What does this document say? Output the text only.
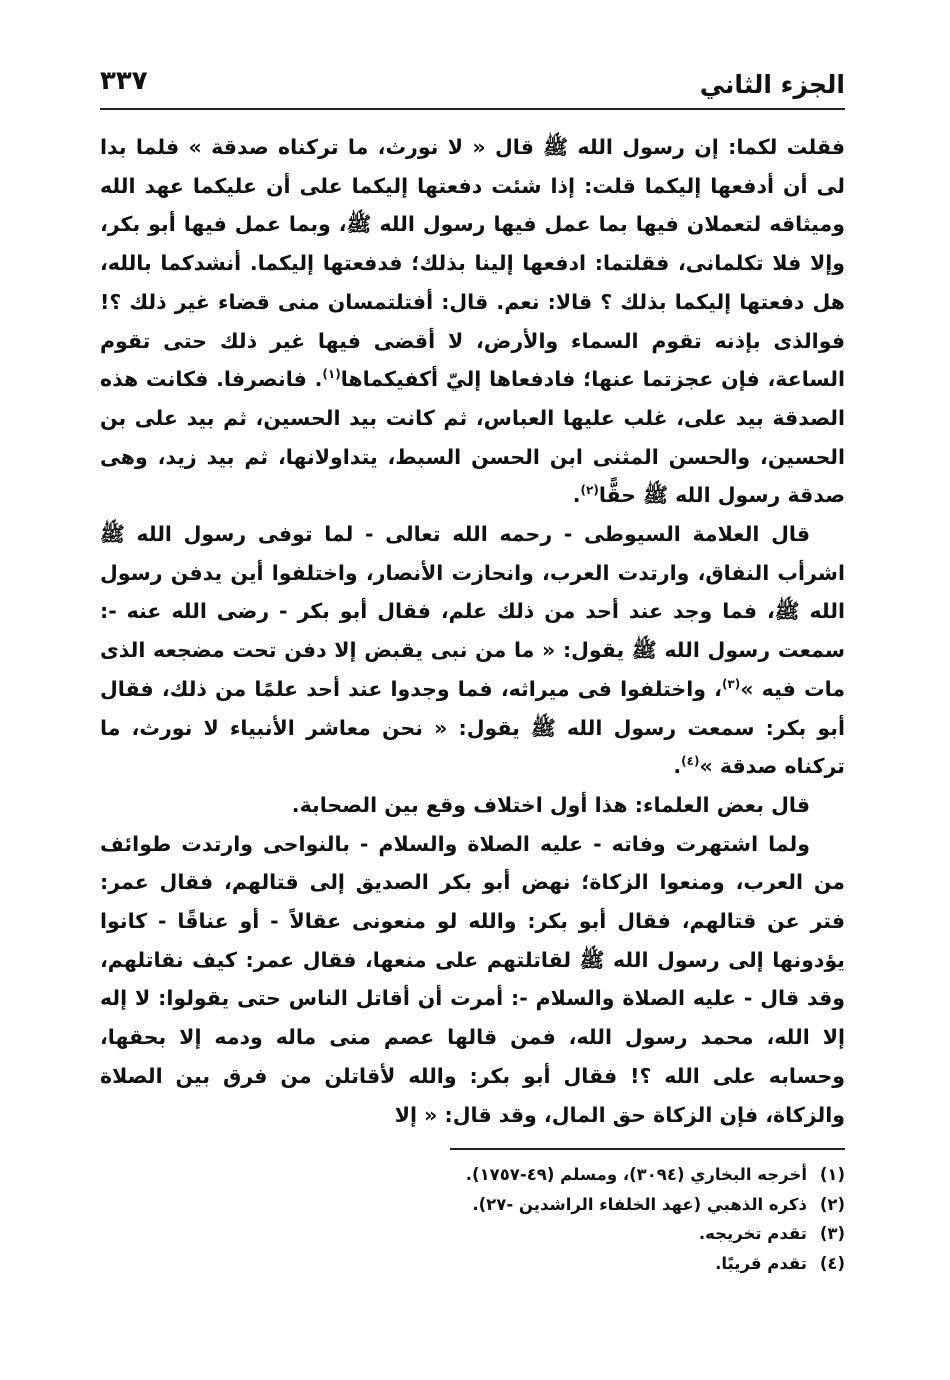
الجزء الثاني
٣٣٧

فقلت لكما: إن رسول الله ﷺ قال « لا نورث، ما تركناه صدقة » فلما بدا لى أن أدفعها إليكما قلت: إذا شئت دفعتها إليكما على أن عليكما عهد الله وميثاقه لتعملان فيها بما عمل فيها رسول الله ﷺ، وبما عمل فيها أبو بكر، وإلا فلا تكلمانى، فقلتما: ادفعها إلينا بذلك؛ فدفعتها إليكما. أنشدكما بالله، هل دفعتها إليكما بذلك ؟ قالا: نعم. قال: أفتلتمسان منى قضاء غير ذلك ؟! فوالذى بإذنه تقوم السماء والأرض، لا أقضى فيها غير ذلك حتى تقوم الساعة، فإن عجزتما عنها؛ فادفعاها إليّ أكفيكماها$^{(١)}$. فانصرفا. فكانت هذه الصدقة بيد على، غلب عليها العباس، ثم كانت بيد الحسين، ثم بيد على بن الحسين، والحسن المثنى ابن الحسن السبط، يتداولانها، ثم بيد زيد، وهى صدقة رسول الله ﷺ حقًّا$^{(٢)}$.

قال العلامة السيوطى - رحمه الله تعالى - لما توفى رسول الله ﷺ اشرأب النفاق، وارتدت العرب، وانحازت الأنصار، واختلفوا أين يدفن رسول الله ﷺ، فما وجد عند أحد من ذلك علم، فقال أبو بكر - رضى الله عنه -: سمعت رسول الله ﷺ يقول: « ما من نبى يقبض إلا دفن تحت مضجعه الذى مات فيه »$^{(٣)}$، واختلفوا فى ميراثه، فما وجدوا عند أحد علمًا من ذلك، فقال أبو بكر: سمعت رسول الله ﷺ يقول: « نحن معاشر الأنبياء لا نورث، ما تركناه صدقة »$^{(٤)}$.

قال بعض العلماء: هذا أول اختلاف وقع بين الصحابة.

ولما اشتهرت وفاته - عليه الصلاة والسلام - بالنواحى وارتدت طوائف من العرب، ومنعوا الزكاة؛ نهض أبو بكر الصديق إلى قتالهم، فقال عمر: فتر عن قتالهم، فقال أبو بكر: والله لو منعونى عقالاً - أو عناقًا - كانوا يؤدونها إلى رسول الله ﷺ لقاتلتهم على منعها، فقال عمر: كيف نقاتلهم، وقد قال - عليه الصلاة والسلام -: أمرت أن أقاتل الناس حتى يقولوا: لا إله إلا الله، محمد رسول الله، فمن قالها عصم منى ماله ودمه إلا بحقها، وحسابه على الله ؟! فقال أبو بكر: والله لأقاتلن من فرق بين الصلاة والزكاة، فإن الزكاة حق المال، وقد قال: « إلا

(١)أخرجه البخاري (٣٠٩٤)، ومسلم (٤٩-١٧٥٧).
(٢)ذكره الذهبي (عهد الخلفاء الراشدين -٢٧).
(٣)تقدم تخريجه.
(٤)تقدم قريبًا.
